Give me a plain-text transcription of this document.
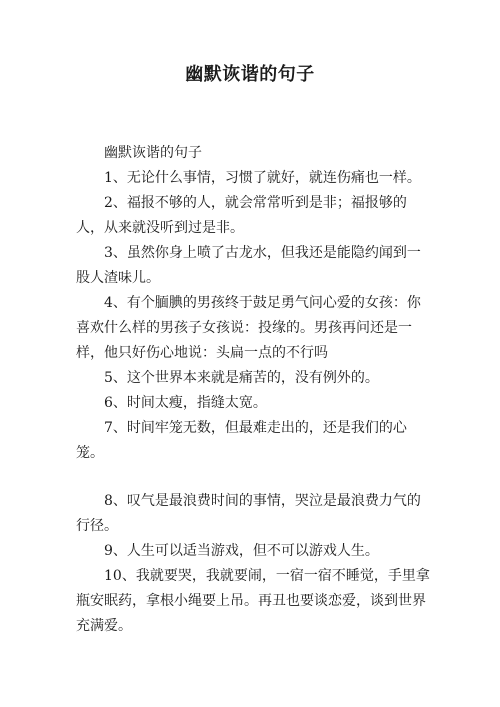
幽默诙谐的句子

幽默诙谐的句子

1、无论什么事情，习惯了就好，就连伤痛也一样。

2、福报不够的人，就会常常听到是非；福报够的人，从来就没听到过是非。

3、虽然你身上喷了古龙水，但我还是能隐约闻到一股人渣味儿。

4、有个腼腆的男孩终于鼓足勇气问心爱的女孩：你喜欢什么样的男孩子女孩说：投缘的。男孩再问还是一样，他只好伤心地说：头扁一点的不行吗

5、这个世界本来就是痛苦的，没有例外的。

6、时间太瘦，指缝太宽。

7、时间牢笼无数，但最难走出的，还是我们的心笼。

8、叹气是最浪费时间的事情，哭泣是最浪费力气的行径。

9、人生可以适当游戏，但不可以游戏人生。

10、我就要哭，我就要闹，一宿一宿不睡觉，手里拿瓶安眠药，拿根小绳要上吊。再丑也要谈恋爱，谈到世界充满爱。
